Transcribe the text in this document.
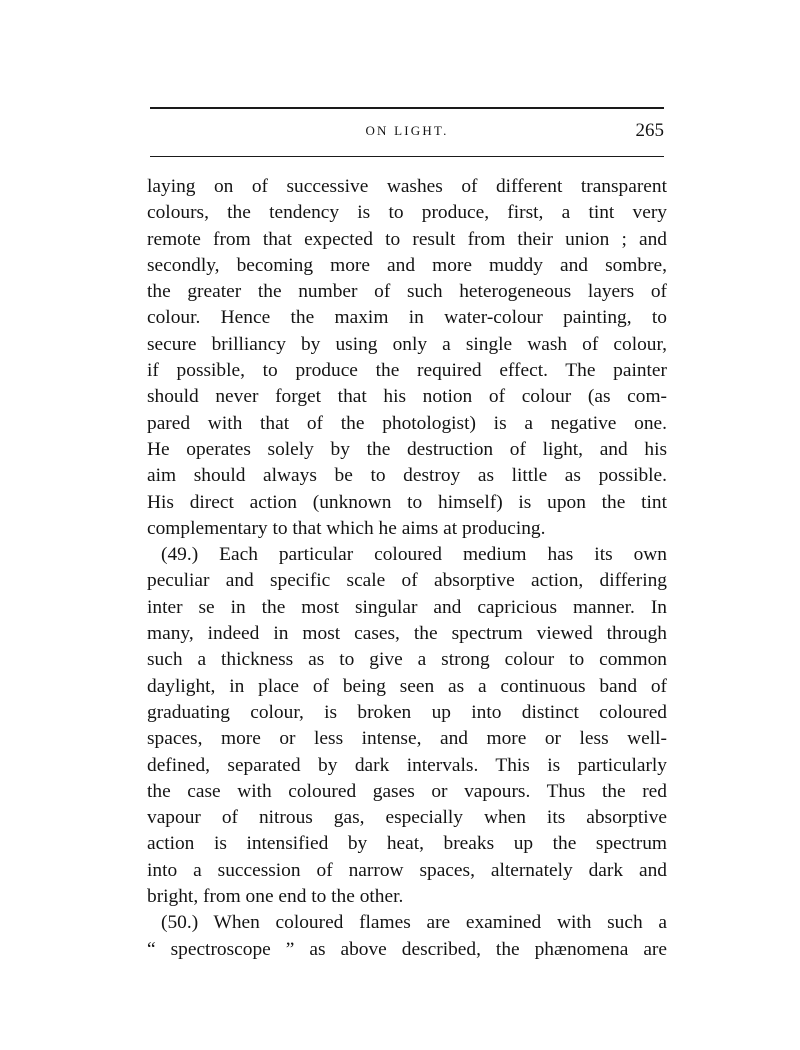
ON LIGHT.	265
laying on of successive washes of different transparent
colours, the tendency is to produce, first, a tint very
remote from that expected to result from their union ; and
secondly, becoming more and more muddy and sombre,
the greater the number of such heterogeneous layers of
colour. Hence the maxim in water-colour painting, to
secure brilliancy by using only a single wash of colour,
if possible, to produce the required effect. The painter
should never forget that his notion of colour (as com-
pared with that of the photologist) is a negative one.
He operates solely by the destruction of light, and his
aim should always be to destroy as little as possible.
His direct action (unknown to himself) is upon the tint
complementary to that which he aims at producing.
(49.) Each particular coloured medium has its own
peculiar and specific scale of absorptive action, differing
inter se in the most singular and capricious manner. In
many, indeed in most cases, the spectrum viewed through
such a thickness as to give a strong colour to common
daylight, in place of being seen as a continuous band of
graduating colour, is broken up into distinct coloured
spaces, more or less intense, and more or less well-
defined, separated by dark intervals. This is particularly
the case with coloured gases or vapours. Thus the red
vapour of nitrous gas, especially when its absorptive
action is intensified by heat, breaks up the spectrum
into a succession of narrow spaces, alternately dark and
bright, from one end to the other.
(50.) When coloured flames are examined with such a
“ spectroscope ” as above described, the phænomena are
